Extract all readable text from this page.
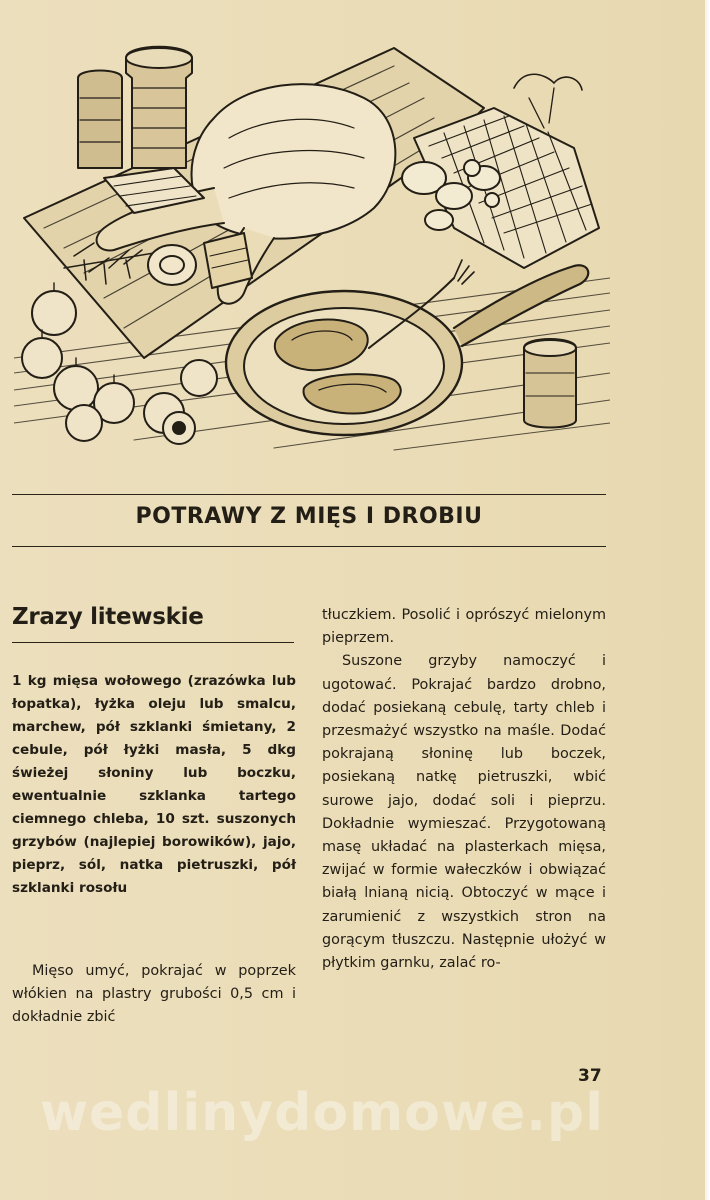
POTRAWY Z MIĘS I DROBIU
Zrazy litewskie
1 kg mięsa wołowego (zrazówka lub łopatka), łyżka oleju lub smalcu, marchew, pół szklanki śmietany, 2 cebule, pół łyżki masła, 5 dkg świeżej słoniny lub boczku, ewentualnie szklanka tartego ciemnego chleba, 10 szt. suszonych grzybów (najlepiej borowików), jajo, pieprz, sól, natka pietruszki, pół szklanki rosołu
Mięso umyć, pokrajać w poprzek włókien na plastry grubości 0,5 cm i dokładnie zbić

tłuczkiem. Posolić i oprószyć mielonym pieprzem.

Suszone grzyby namoczyć i ugotować. Pokrajać bardzo drobno, dodać posiekaną cebulę, tarty chleb i przesmażyć wszystko na maśle. Dodać pokrajaną słoninę lub boczek, posiekaną natkę pietruszki, wbić surowe jajo, dodać soli i pieprzu. Dokładnie wymieszać. Przygotowaną masę układać na plasterkach mięsa, zwijać w formie wałeczków i obwiązać białą lnianą nicią. Obtoczyć w mące i zarumienić z wszystkich stron na gorącym tłuszczu. Następnie ułożyć w płytkim garnku, zalać ro-

37
wedlinydomowe.pl
